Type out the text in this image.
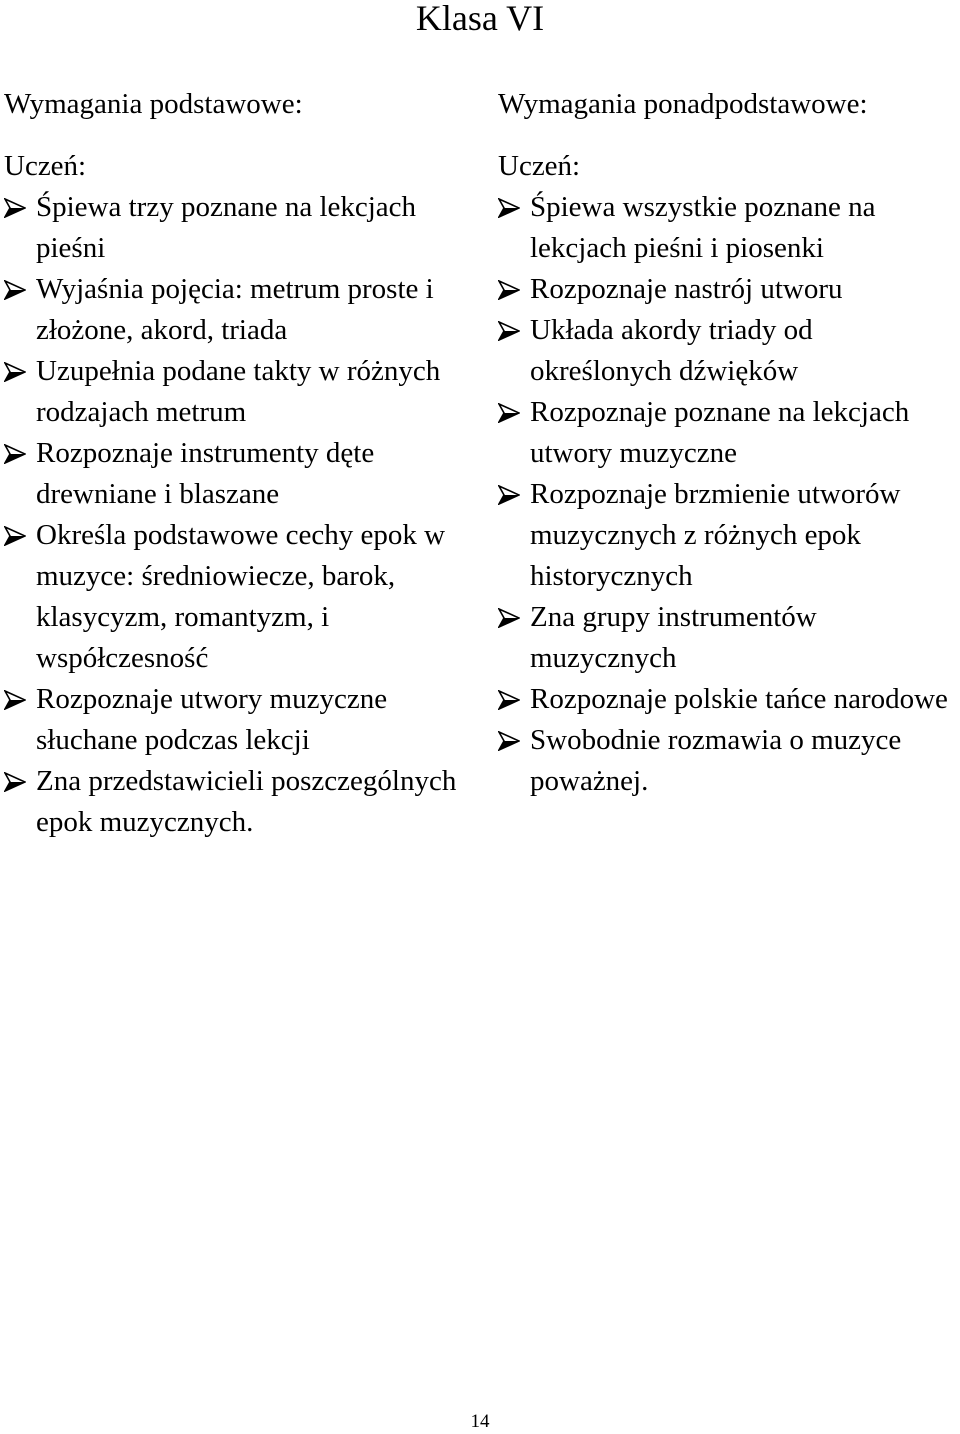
Klasa VI
Wymagania podstawowe:
Uczeń:
Śpiewa trzy poznane na lekcjach pieśni
Wyjaśnia pojęcia: metrum proste i złożone, akord, triada
Uzupełnia podane takty w różnych rodzajach metrum
Rozpoznaje instrumenty dęte drewniane i blaszane
Określa podstawowe cechy epok w muzyce: średniowiecze, barok, klasycyzm, romantyzm, i współczesność
Rozpoznaje utwory muzyczne słuchane podczas lekcji
Zna przedstawicieli poszczególnych epok muzycznych.
Wymagania ponadpodstawowe:
Uczeń:
Śpiewa wszystkie poznane na lekcjach pieśni i piosenki
Rozpoznaje nastrój utworu
Układa akordy triady od określonych dźwięków
Rozpoznaje poznane na lekcjach utwory muzyczne
Rozpoznaje brzmienie utworów muzycznych z różnych epok historycznych
Zna grupy instrumentów muzycznych
Rozpoznaje polskie tańce narodowe
Swobodnie rozmawia o muzyce poważnej.
14
